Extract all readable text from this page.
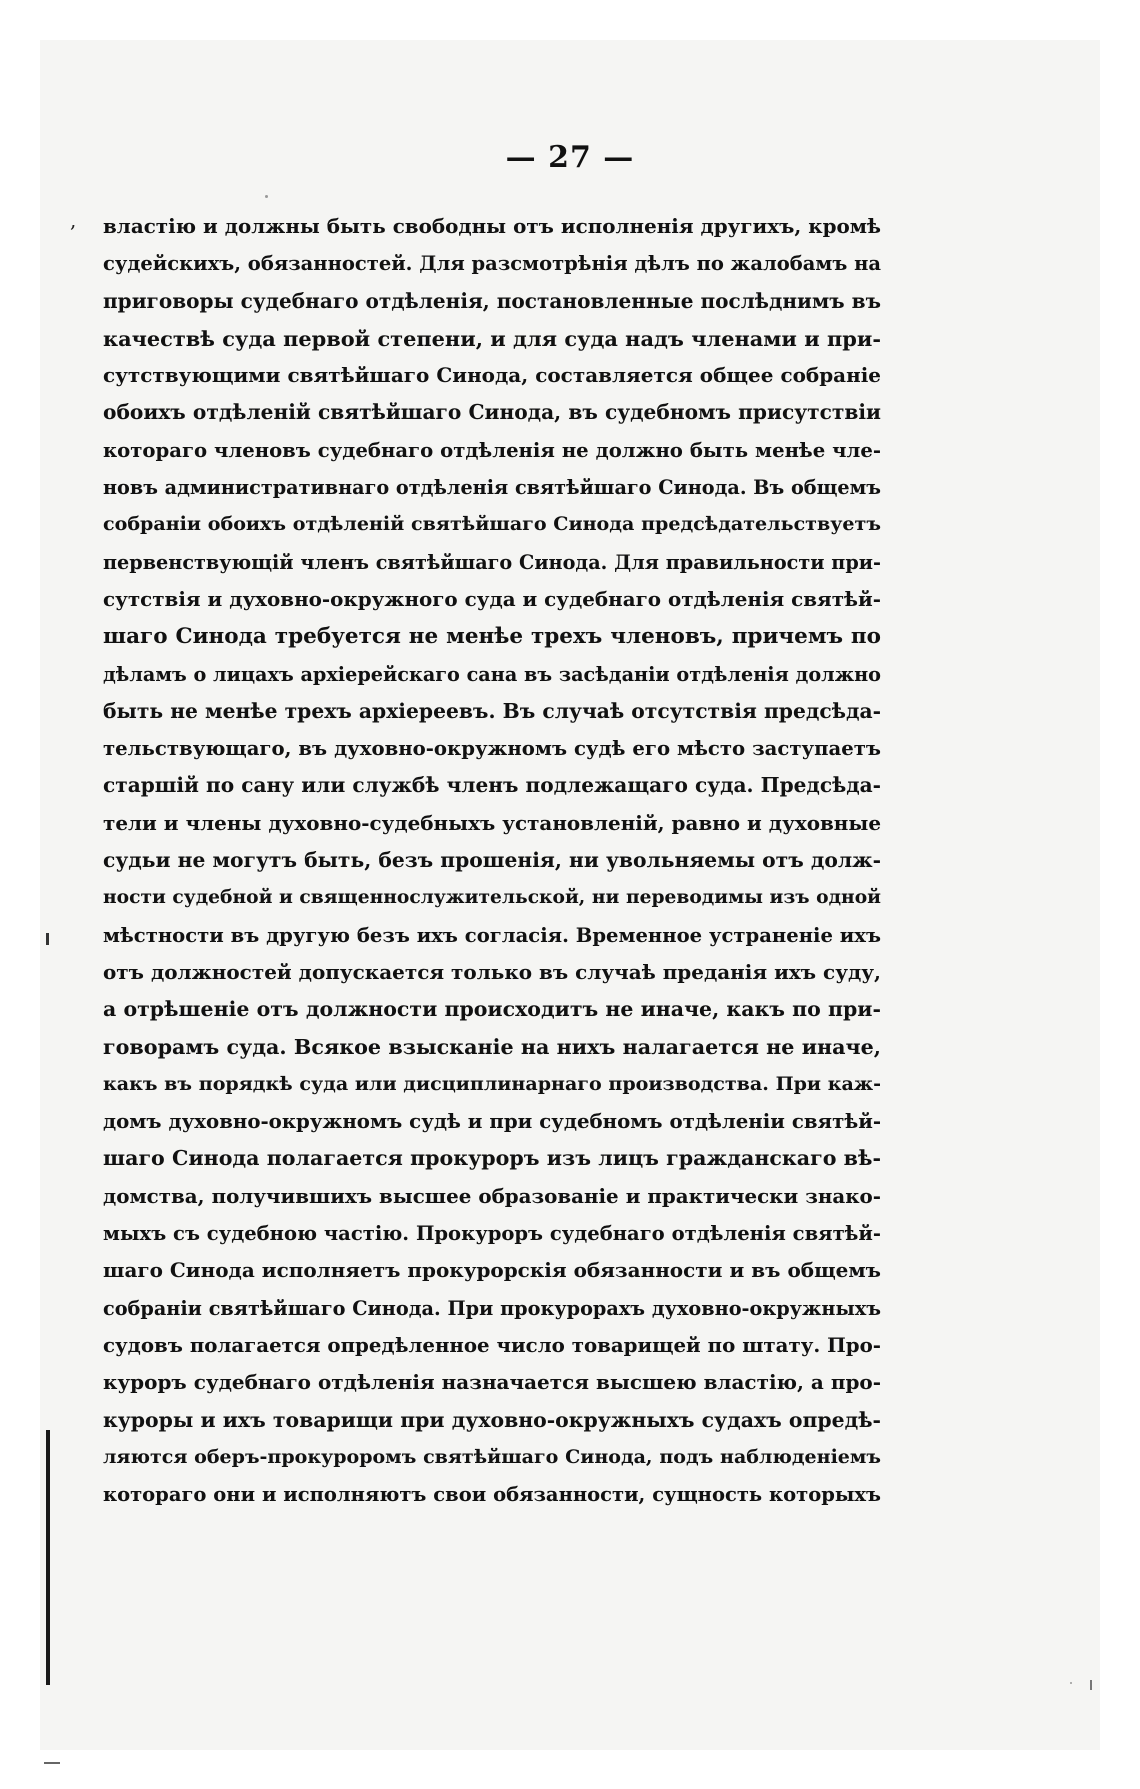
— 27 —
, властію и должны быть свободны отъ исполненія другихъ, кромѣ
судейскихъ, обязанностей. Для разсмотрѣнія дѣлъ по жалобамъ на
приговоры судебнаго отдѣленія, постановленные послѣднимъ въ
качествѣ суда первой степени, и для суда надъ членами и при-
сутствующими святѣйшаго Синода, составляется общее собраніе
обоихъ отдѣленій святѣйшаго Синода, въ судебномъ присутствіи
котораго членовъ судебнаго отдѣленія не должно быть менѣе чле-
новъ административнаго отдѣленія святѣйшаго Синода. Въ общемъ
собраніи обоихъ отдѣленій святѣйшаго Синода предсѣдательствуетъ
первенствующій членъ святѣйшаго Синода. Для правильности при-
сутствія и духовно-окружного суда и судебнаго отдѣленія святѣй-
шаго Синода требуется не менѣе трехъ членовъ, причемъ по
дѣламъ о лицахъ архіерейскаго сана въ засѣданіи отдѣленія должно
быть не менѣе трехъ архіереевъ. Въ случаѣ отсутствія предсѣда-
тельствующаго, въ духовно-окружномъ судѣ его мѣсто заступаетъ
старшій по сану или службѣ членъ подлежащаго суда. Предсѣда-
тели и члены духовно-судебныхъ установленій, равно и духовные
судьи не могутъ быть, безъ прошенія, ни увольняемы отъ долж-
ности судебной и священнослужительской, ни переводимы изъ одной
мѣстности въ другую безъ ихъ согласія. Временное устраненіе ихъ
отъ должностей допускается только въ случаѣ преданія ихъ суду,
а отрѣшеніе отъ должности происходитъ не иначе, какъ по при-
говорамъ суда. Всякое взысканіе на нихъ налагается не иначе,
какъ въ порядкѣ суда или дисциплинарнаго производства. При каж-
домъ духовно-окружномъ судѣ и при судебномъ отдѣленіи святѣй-
шаго Синода полагается прокуроръ изъ лицъ гражданскаго вѣ-
домства, получившихъ высшее образованіе и практически знако-
мыхъ съ судебною частію. Прокуроръ судебнаго отдѣленія святѣй-
шаго Синода исполняетъ прокурорскія обязанности и въ общемъ
собраніи святѣйшаго Синода. При прокурорахъ духовно-окружныхъ
судовъ полагается опредѣленное число товарищей по штату. Про-
куроръ судебнаго отдѣленія назначается высшею властію, а про-
куроры и ихъ товарищи при духовно-окружныхъ судахъ опредѣ-
ляются оберъ-прокуроромъ святѣйшаго Синода, подъ наблюденіемъ
котораго они и исполняютъ свои обязанности, сущность которыхъ
